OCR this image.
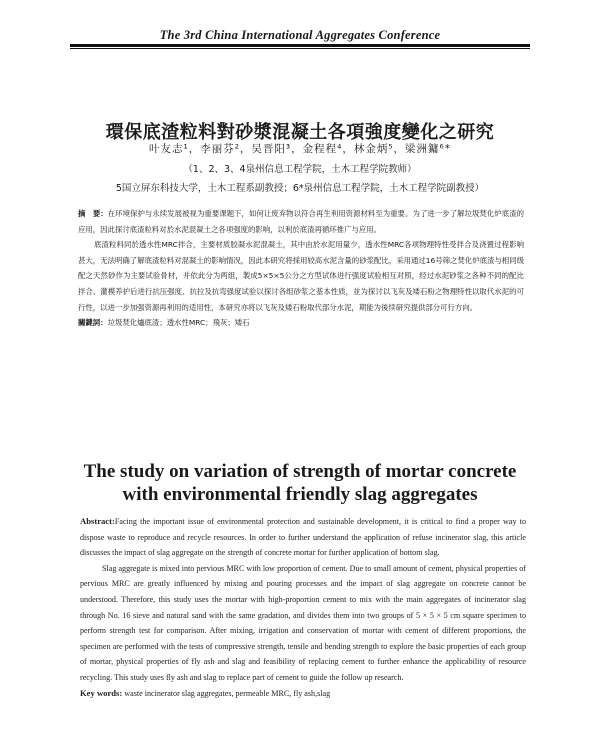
The 3rd China International Aggregates Conference
環保底渣粒料對砂漿混凝土各項強度變化之研究
叶友志¹，李丽芬²，吴晋阳³，金程程⁴，林金炳⁵，梁洲鏞⁶*
（1、2、3、4泉州信息工程学院，土木工程学院教师）
5国立屏东科技大学，土木工程系副教授；6*泉州信息工程学院，土木工程学院副教授）

摘　要：在环境保护与永续发展被视为重要课题下，如何让废弃物以符合再生利用资源材料至为重要。为了进一步了解垃圾焚化炉底渣的应用，因此探讨底渣粒料对於水泥混凝土之各项强度的影响，以利於底渣再循环推广与应用。

底渣粒料同於透水性MRC拌合，主要材质胶凝水泥混凝土，其中由於水泥用量少，透水性MRC各项物理特性受拌合及浇置过程影响甚大，无法明确了解底渣粒料对混凝土的影响情况，因此本研究将採用较高水泥含量的砂浆配比，采用通过16号筛之焚化炉底渣与相同级配之天然砂作为主要试验骨材，并依此分为两组，製成5×5×5公分之方型试体进行强度试验相互对照，经过水泥砂浆之各种不同的配比拌合、灌模养护后进行抗压强度、抗拉及抗弯强度试验以探讨各组砂浆之基本性质，並为探讨以飞灰及矮石粉之物理特性以取代水泥的可行性，以进一步加强资源再利用的适用性，本研究亦将以飞灰及矮石粉取代部分水泥，期能为後续研究提供部分可行方向。

關鍵詞：垃圾焚化爐底渣；透水性MRC；飛灰；矮石

The study on variation of strength of mortar concrete
with environmental friendly slag aggregates

Abstract:Facing the important issue of environmental protection and sustainable development, it is critical to find a proper way to dispose waste to reproduce and recycle resources. In order to further understand the application of refuse incinerator slag, this article discusses the impact of slag aggregate on the strength of concrete mortar for further application of bottom slag.

Slag aggregate is mixed into pervious MRC with low proportion of cement. Due to small amount of cement, physical properties of pervious MRC are greatly influenced by mixing and pouring processes and the impact of slag aggregate on concrete cannot be understood. Therefore, this study uses the mortar with high-proportion cement to mix with the main aggregates of incinerator slag through No. 16 sieve and natural sand with the same gradation, and divides them into two groups of 5 × 5 × 5 cm square specimen to perform strength test for comparison. After mixing, irrigation and conservation of mortar with cement of different proportions, the specimen are performed with the tests of compressive strength, tensile and bending strength to explore the basic properties of each group of mortar, physical properties of fly ash and slag and feasibility of replacing cement to further enhance the applicability of resource recycling. This study uses fly ash and slag to replace part of cement to guide the follow up research.

Key words: waste incinerator slag aggregates, permeable MRC, fly ash,slag
